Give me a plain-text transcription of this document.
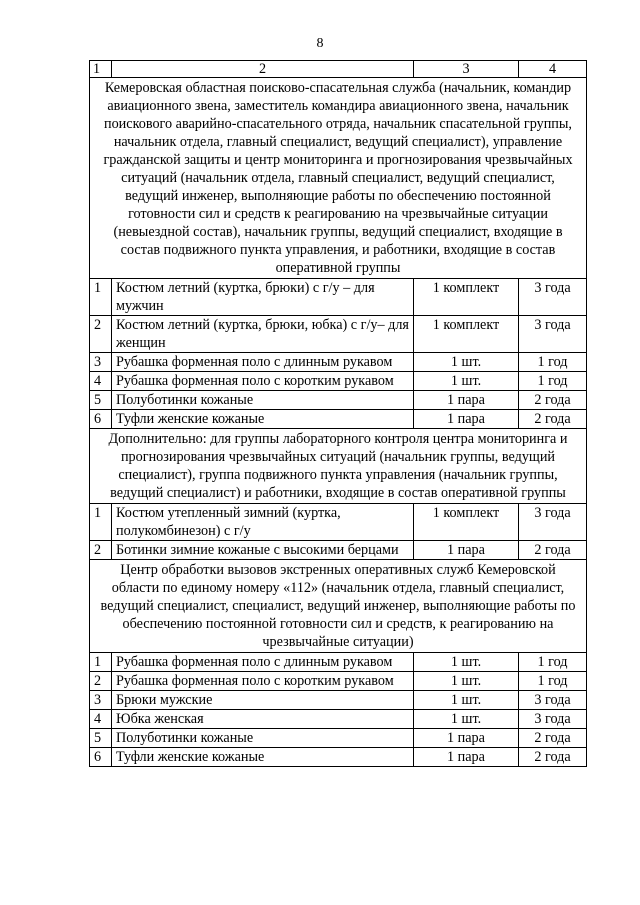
8
1	2	3	4
Кемеровская областная поисково-спасательная служба (начальник, командир авиационного звена, заместитель командира авиационного звена, начальник поискового аварийно-спасательного отряда, начальник спасательной группы, начальник отдела, главный специалист, ведущий специалист), управление гражданской защиты и центр мониторинга и прогнозирования чрезвычайных ситуаций (начальник отдела, главный специалист, ведущий специалист, ведущий инженер, выполняющие работы по обеспечению постоянной готовности сил и средств к реагированию на чрезвычайные ситуации (невыездной состав), начальник группы, ведущий специалист, входящие в состав подвижного пункта управления, и работники, входящие в состав оперативной группы			
1	Костюм летний (куртка, брюки) с г/у – для мужчин	1 комплект	3 года
2	Костюм летний (куртка, брюки, юбка) с г/у– для женщин	1 комплект	3 года
3	Рубашка форменная поло с длинным рукавом	1 шт.	1 год
4	Рубашка форменная поло с коротким рукавом	1 шт.	1 год
5	Полуботинки кожаные	1 пара	2 года
6	Туфли женские кожаные	1 пара	2 года
Дополнительно: для группы лабораторного контроля центра мониторинга и прогнозирования чрезвычайных ситуаций (начальник группы, ведущий специалист), группа подвижного пункта управления (начальник группы, ведущий специалист) и работники, входящие в состав оперативной группы			
1	Костюм утепленный зимний (куртка, полукомбинезон) с г/у	1 комплект	3 года
2	Ботинки зимние кожаные с высокими берцами	1 пара	2 года
Центр обработки вызовов экстренных оперативных служб Кемеровской области по единому номеру «112» (начальник отдела, главный специалист, ведущий специалист, специалист, ведущий инженер, выполняющие работы по обеспечению постоянной готовности сил и средств, к реагированию на чрезвычайные ситуации)			
1	Рубашка форменная поло с длинным рукавом	1 шт.	1 год
2	Рубашка форменная поло с коротким рукавом	1 шт.	1 год
3	Брюки мужские	1 шт.	3 года
4	Юбка женская	1 шт.	3 года
5	Полуботинки кожаные	1 пара	2 года
6	Туфли женские кожаные	1 пара	2 года
